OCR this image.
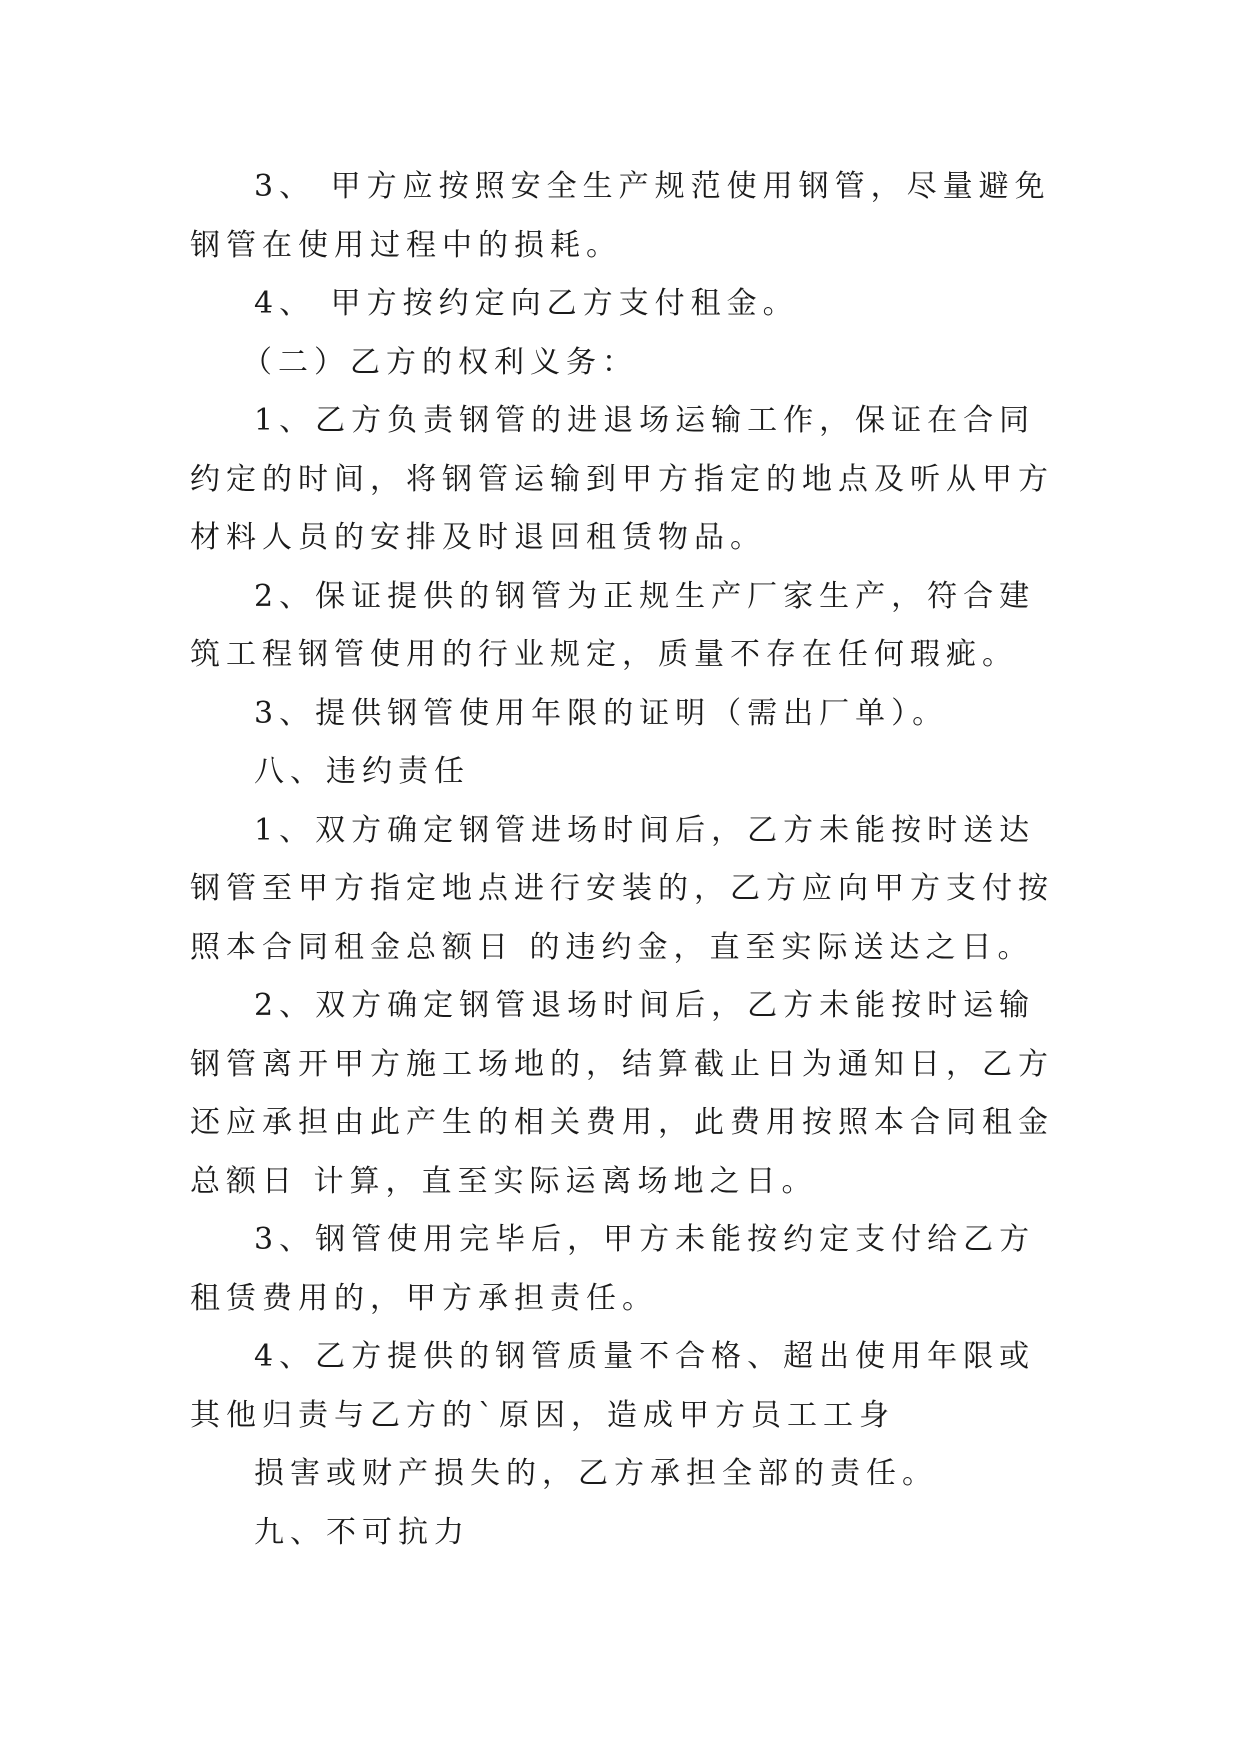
3、 甲方应按照安全生产规范使用钢管，尽量避免钢管在使用过程中的损耗。

4、 甲方按约定向乙方支付租金。

（二）乙方的权利义务：

1、乙方负责钢管的进退场运输工作，保证在合同约定的时间，将钢管运输到甲方指定的地点及听从甲方材料人员的安排及时退回租赁物品。

2、保证提供的钢管为正规生产厂家生产，符合建筑工程钢管使用的行业规定，质量不存在任何瑕疵。

3、提供钢管使用年限的证明（需出厂单）。

八、违约责任

1、双方确定钢管进场时间后，乙方未能按时送达钢管至甲方指定地点进行安装的，乙方应向甲方支付按照本合同租金总额日 的违约金，直至实际送达之日。

2、双方确定钢管退场时间后，乙方未能按时运输钢管离开甲方施工场地的，结算截止日为通知日，乙方还应承担由此产生的相关费用，此费用按照本合同租金总额日 计算，直至实际运离场地之日。

3、钢管使用完毕后，甲方未能按约定支付给乙方租赁费用的，甲方承担责任。

4、乙方提供的钢管质量不合格、超出使用年限或其他归责与乙方的`原因，造成甲方员工工身

损害或财产损失的，乙方承担全部的责任。

九、不可抗力
